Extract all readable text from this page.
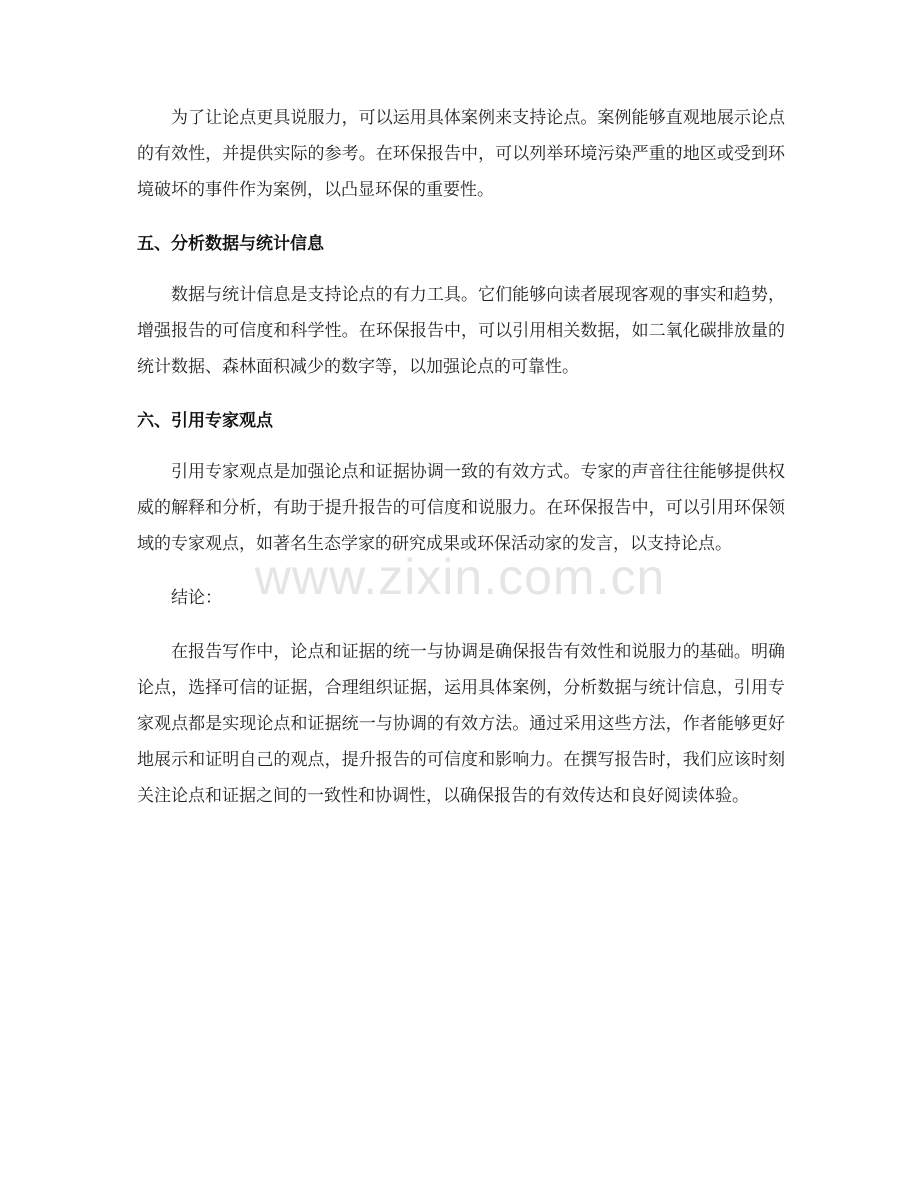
为了让论点更具说服力，可以运用具体案例来支持论点。案例能够直观地展示论点的有效性，并提供实际的参考。在环保报告中，可以列举环境污染严重的地区或受到环境破坏的事件作为案例，以凸显环保的重要性。

五、分析数据与统计信息

数据与统计信息是支持论点的有力工具。它们能够向读者展现客观的事实和趋势，增强报告的可信度和科学性。在环保报告中，可以引用相关数据，如二氧化碳排放量的统计数据、森林面积减少的数字等，以加强论点的可靠性。

六、引用专家观点

引用专家观点是加强论点和证据协调一致的有效方式。专家的声音往往能够提供权威的解释和分析，有助于提升报告的可信度和说服力。在环保报告中，可以引用环保领域的专家观点，如著名生态学家的研究成果或环保活动家的发言，以支持论点。

结论：

在报告写作中，论点和证据的统一与协调是确保报告有效性和说服力的基础。明确论点，选择可信的证据，合理组织证据，运用具体案例，分析数据与统计信息，引用专家观点都是实现论点和证据统一与协调的有效方法。通过采用这些方法，作者能够更好地展示和证明自己的观点，提升报告的可信度和影响力。在撰写报告时，我们应该时刻关注论点和证据之间的一致性和协调性，以确保报告的有效传达和良好阅读体验。

www.zixin.com.cn
